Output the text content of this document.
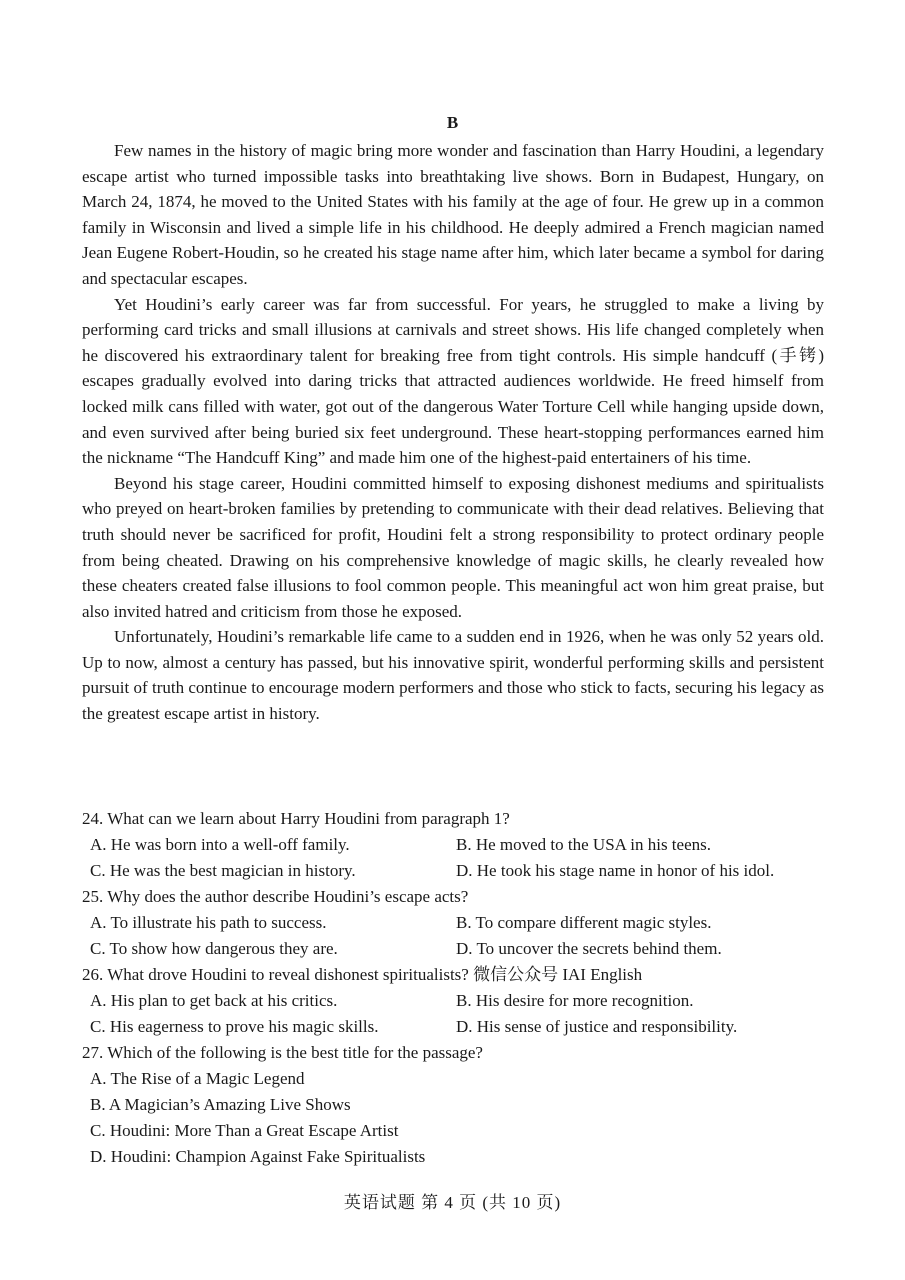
B

Few names in the history of magic bring more wonder and fascination than Harry Houdini, a legendary escape artist who turned impossible tasks into breathtaking live shows. Born in Budapest, Hungary, on March 24, 1874, he moved to the United States with his family at the age of four. He grew up in a common family in Wisconsin and lived a simple life in his childhood. He deeply admired a French magician named Jean Eugene Robert-Houdin, so he created his stage name after him, which later became a symbol for daring and spectacular escapes.

Yet Houdini’s early career was far from successful. For years, he struggled to make a living by performing card tricks and small illusions at carnivals and street shows. His life changed completely when he discovered his extraordinary talent for breaking free from tight controls. His simple handcuff (手铐) escapes gradually evolved into daring tricks that attracted audiences worldwide. He freed himself from locked milk cans filled with water, got out of the dangerous Water Torture Cell while hanging upside down, and even survived after being buried six feet underground. These heart-stopping performances earned him the nickname “The Handcuff King” and made him one of the highest-paid entertainers of his time.

Beyond his stage career, Houdini committed himself to exposing dishonest mediums and spiritualists who preyed on heart-broken families by pretending to communicate with their dead relatives. Believing that truth should never be sacrificed for profit, Houdini felt a strong responsibility to protect ordinary people from being cheated. Drawing on his comprehensive knowledge of magic skills, he clearly revealed how these cheaters created false illusions to fool common people. This meaningful act won him great praise, but also invited hatred and criticism from those he exposed.

Unfortunately, Houdini’s remarkable life came to a sudden end in 1926, when he was only 52 years old. Up to now, almost a century has passed, but his innovative spirit, wonderful performing skills and persistent pursuit of truth continue to encourage modern performers and those who stick to facts, securing his legacy as the greatest escape artist in history.

24. What can we learn about Harry Houdini from paragraph 1?
A. He was born into a well-off family.	B. He moved to the USA in his teens.
C. He was the best magician in history.	D. He took his stage name in honor of his idol.
25. Why does the author describe Houdini’s escape acts?
A. To illustrate his path to success.	B. To compare different magic styles.
C. To show how dangerous they are.	D. To uncover the secrets behind them.
26. What drove Houdini to reveal dishonest spiritualists? 微信公众号 IAI English
A. His plan to get back at his critics.	B. His desire for more recognition.
C. His eagerness to prove his magic skills.	D. His sense of justice and responsibility.
27. Which of the following is the best title for the passage?
A. The Rise of a Magic Legend
B. A Magician’s Amazing Live Shows
C. Houdini: More Than a Great Escape Artist
D. Houdini: Champion Against Fake Spiritualists
英语试题 第 4 页 (共 10 页)
